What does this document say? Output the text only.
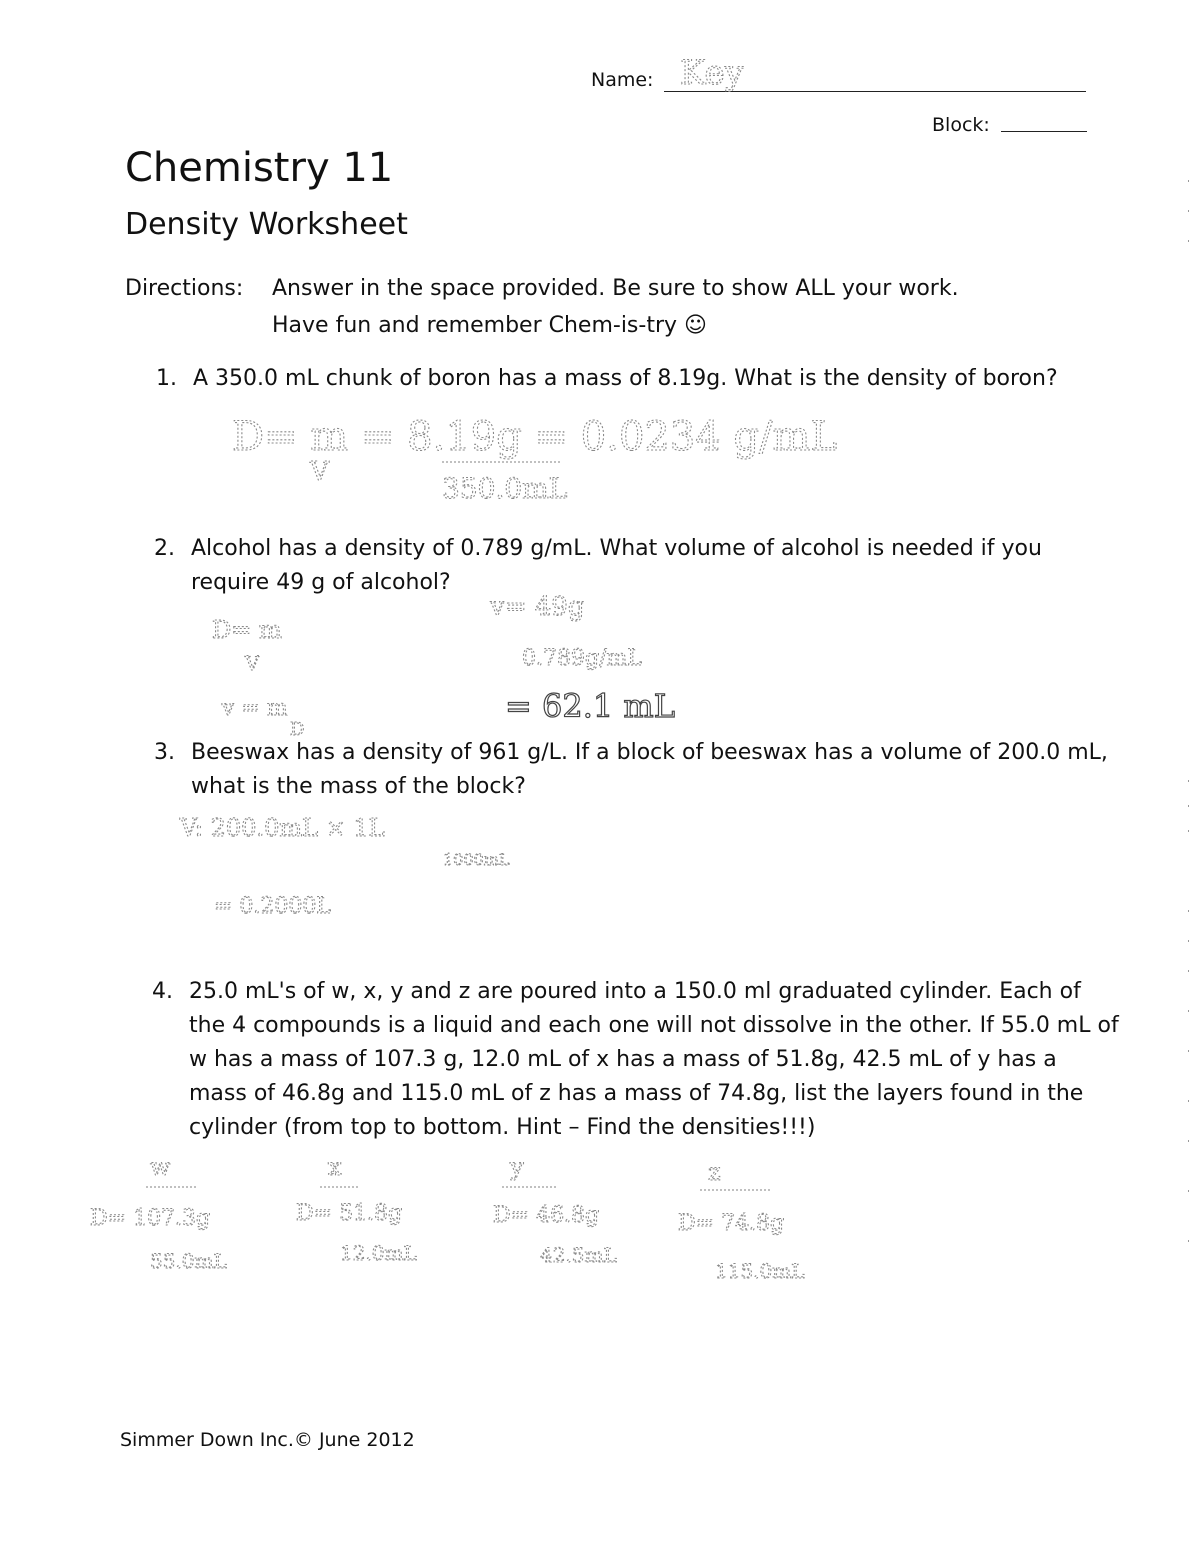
Name:
Block:
Chemistry 11
Density Worksheet
Directions: Answer in the space provided. Be sure to show ALL your work.
Have fun and remember Chem-is-try ☺
1. A 350.0 mL chunk of boron has a mass of 8.19g. What is the density of boron?
2. Alcohol has a density of 0.789 g/mL. What volume of alcohol is needed if you require 49 g of alcohol?
3. Beeswax has a density of 961 g/L. If a block of beeswax has a volume of 200.0 mL, what is the mass of the block?
4. 25.0 mL's of w, x, y and z are poured into a 150.0 ml graduated cylinder. Each of the 4 compounds is a liquid and each one will not dissolve in the other. If 55.0 mL of w has a mass of 107.3 g, 12.0 mL of x has a mass of 51.8g, 42.5 mL of y has a mass of 46.8g and 115.0 mL of z has a mass of 74.8g, list the layers found in the cylinder (from top to bottom. Hint – Find the densities!!!)
Simmer Down Inc.© June 2012
Key
D= m = 8.19g = 0.0234 g/mL
V	350.0mL
D= m
V
v = m
D
v= 49g
0.789g/mL
= 62.1 mL
V: 200.0mL × 1L
1000mL
= 0.2000L
w
D= 107.3g
55.0mL
x
D= 51.8g
12.0mL
y
D= 46.8g
42.5mL
z
D= 74.8g
115.0mL
